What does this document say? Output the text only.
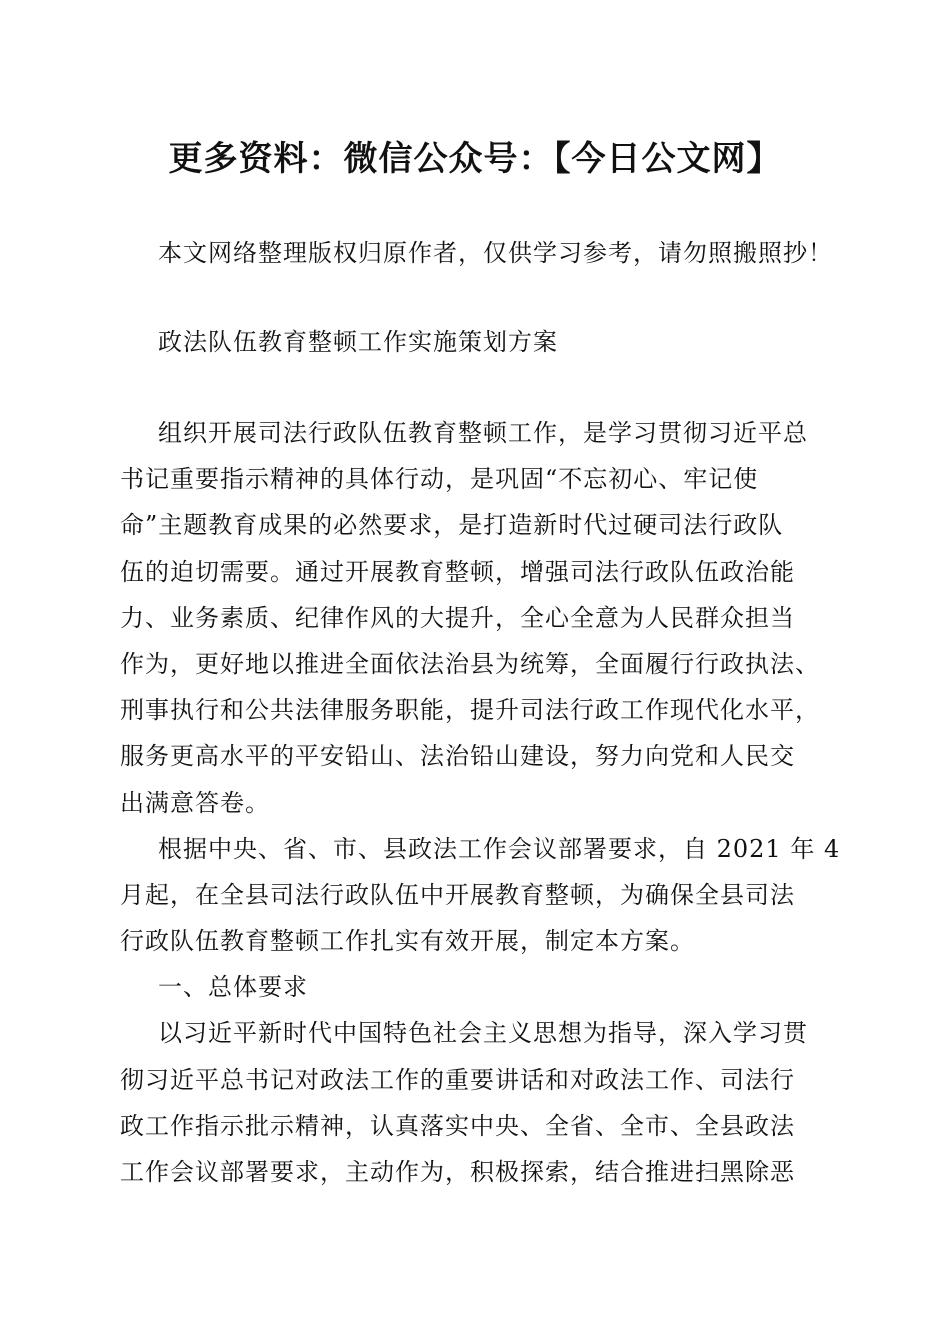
更多资料：微信公众号：【今日公文网】

本文网络整理版权归原作者，仅供学习参考，请勿照搬照抄！

政法队伍教育整顿工作实施策划方案

组织开展司法行政队伍教育整顿工作，是学习贯彻习近平总
书记重要指示精神的具体行动，是巩固“不忘初心、牢记使
命”主题教育成果的必然要求，是打造新时代过硬司法行政队
伍的迫切需要。通过开展教育整顿，增强司法行政队伍政治能
力、业务素质、纪律作风的大提升，全心全意为人民群众担当
作为，更好地以推进全面依法治县为统筹，全面履行行政执法、
刑事执行和公共法律服务职能，提升司法行政工作现代化水平，
服务更高水平的平安铅山、法治铅山建设，努力向党和人民交
出满意答卷。
根据中央、省、市、县政法工作会议部署要求，自 2021 年 4
月起，在全县司法行政队伍中开展教育整顿，为确保全县司法
行政队伍教育整顿工作扎实有效开展，制定本方案。
一、总体要求
以习近平新时代中国特色社会主义思想为指导，深入学习贯
彻习近平总书记对政法工作的重要讲话和对政法工作、司法行
政工作指示批示精神，认真落实中央、全省、全市、全县政法
工作会议部署要求，主动作为，积极探索，结合推进扫黑除恶
